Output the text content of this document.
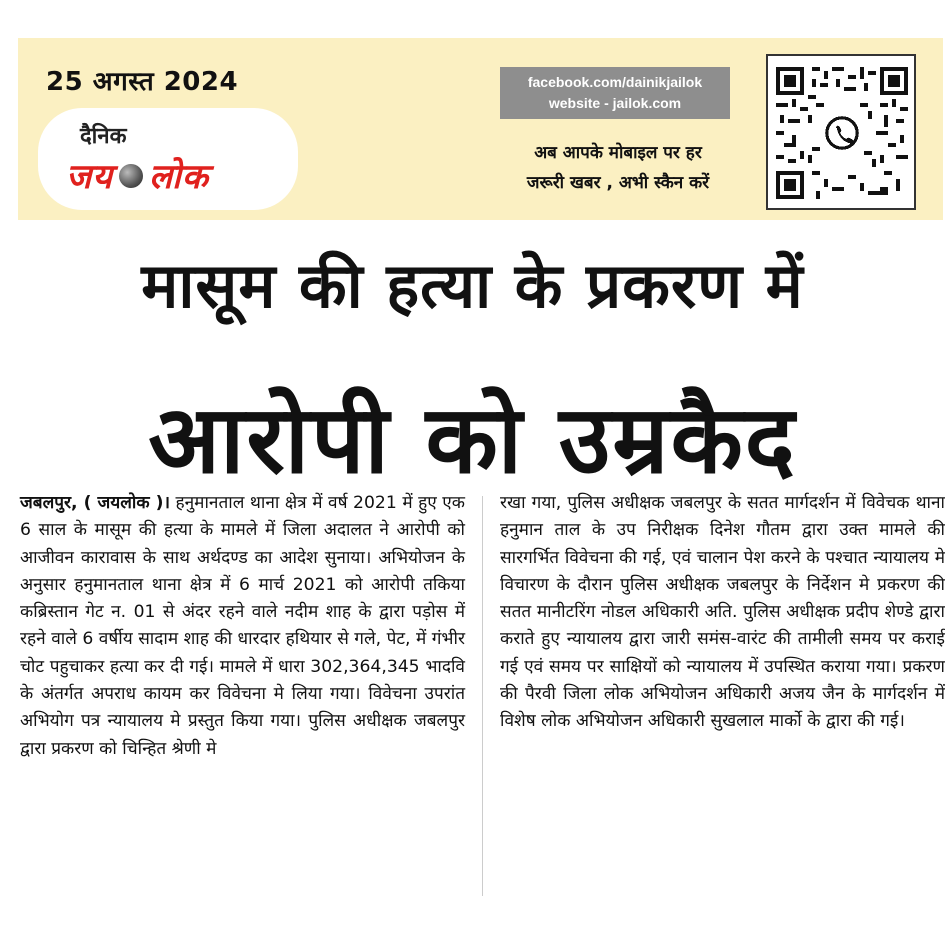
25 अगस्त 2024
दैनिक
जय लोक
facebook.com/dainikjailok
website - jailok.com
अब आपके मोबाइल पर हर
जरूरी खबर , अभी स्कैन करें
मासूम की हत्या के प्रकरण में
आरोपी को उम्रकैद
जबलपुर, ( जयलोक )। हनुमानताल थाना क्षेत्र में वर्ष 2021 में हुए एक 6 साल के मासूम की हत्या के मामले में जिला अदालत ने आरोपी को आजीवन कारावास के साथ अर्थदण्ड का आदेश सुनाया। अभियोजन के अनुसार हनुमानताल थाना क्षेत्र में 6 मार्च 2021 को आरोपी तकिया कब्रिस्तान गेट न. 01 से अंदर रहने वाले नदीम शाह के द्वारा पड़ोस में रहने वाले 6 वर्षीय सादाम शाह की धारदार हथियार से गले, पेट, में गंभीर चोट पहुचाकर हत्या कर दी गई। मामले में धारा 302,364,345 भादवि के अंतर्गत अपराध कायम कर विवेचना मे लिया गया। विवेचना उपरांत अभियोग पत्र न्यायालय मे प्रस्तुत किया गया। पुलिस अधीक्षक जबलपुर द्वारा प्रकरण को चिन्हित श्रेणी मे
रखा गया, पुलिस अधीक्षक जबलपुर के सतत मार्गदर्शन में विवेचक थाना हनुमान ताल के उप निरीक्षक दिनेश गौतम द्वारा उक्त मामले की सारगर्भित विवेचना की गई, एवं चालान पेश करने के पश्चात न्यायालय मे विचारण के दौरान पुलिस अधीक्षक जबलपुर के निर्देशन मे प्रकरण की सतत मानीटरिंग नोडल अधिकारी अति. पुलिस अधीक्षक प्रदीप शेण्डे द्वारा कराते हुए न्यायालय द्वारा जारी समंस-वारंट की तामीली समय पर कराई गई एवं समय पर साक्षियों को न्यायालय में उपस्थित कराया गया। प्रकरण की पैरवी जिला लोक अभियोजन अधिकारी अजय जैन के मार्गदर्शन में विशेष लोक अभियोजन अधिकारी सुखलाल मार्को के द्वारा की गई।
